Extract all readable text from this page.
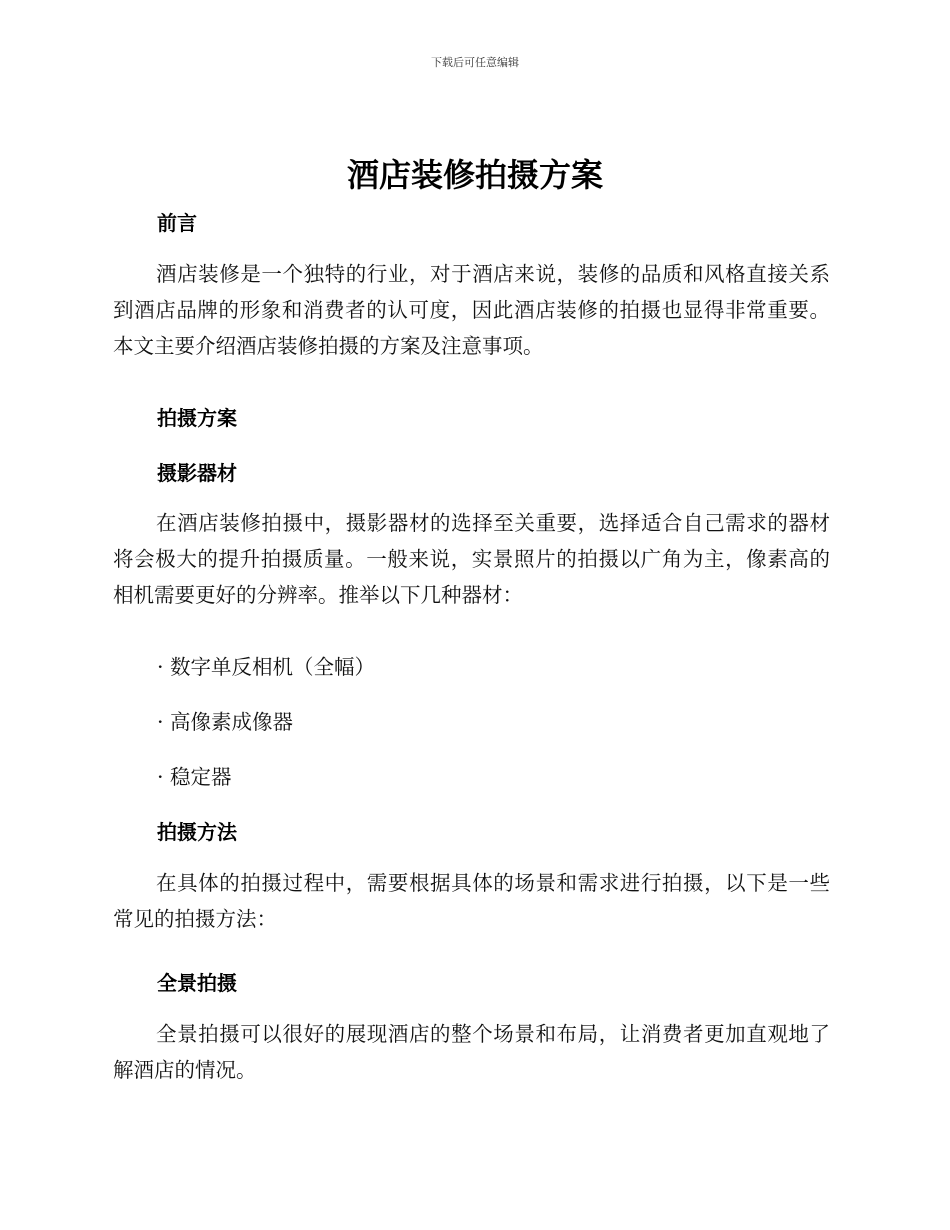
下载后可任意编辑
酒店装修拍摄方案
前言

酒店装修是一个独特的行业，对于酒店来说，装修的品质和风格直接关系到酒店品牌的形象和消费者的认可度，因此酒店装修的拍摄也显得非常重要。本文主要介绍酒店装修拍摄的方案及注意事项。

拍摄方案
摄影器材

在酒店装修拍摄中，摄影器材的选择至关重要，选择适合自己需求的器材将会极大的提升拍摄质量。一般来说，实景照片的拍摄以广角为主，像素高的相机需要更好的分辨率。推举以下几种器材：

· 数字单反相机（全幅）

· 高像素成像器

· 稳定器

拍摄方法

在具体的拍摄过程中，需要根据具体的场景和需求进行拍摄，以下是一些常见的拍摄方法：

全景拍摄

全景拍摄可以很好的展现酒店的整个场景和布局，让消费者更加直观地了解酒店的情况。
